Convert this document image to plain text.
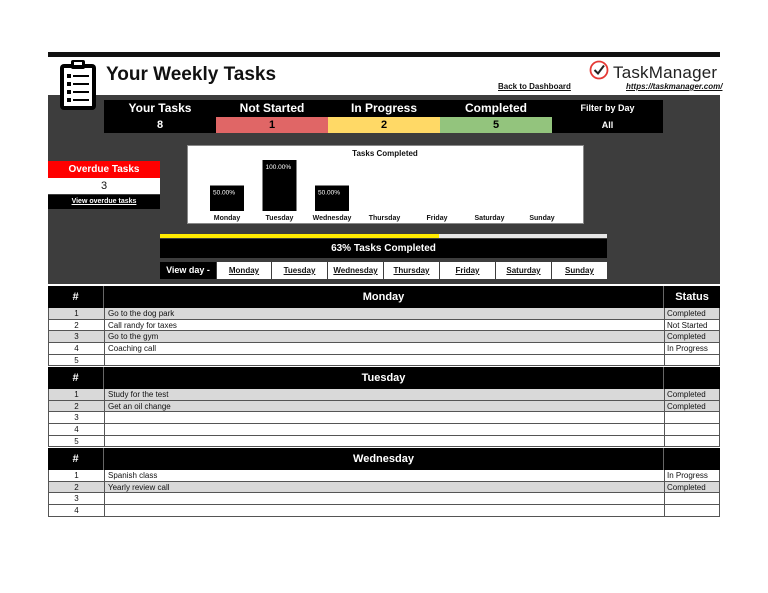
Your Weekly Tasks
Back to Dashboard
TaskManager
https://taskmanager.com/
Your Tasks
8
Not Started
1
In Progress
2
Completed
5
Filter by Day
All
Overdue Tasks
3
View overdue tasks
Tasks Completed
50.00%
Monday
100.00%
Tuesday
50.00%
Wednesday Thursday	Friday	Saturday	Sunday
63% Tasks Completed
View day -	Monday	Tuesday	Wednesday	Thursday	Friday	Saturday	Sunday
#	Monday	Status
1	Go to the dog park	Completed
2	Call randy for taxes	Not Started
3	Go to the gym	Completed
4	Coaching call	In Progress
5
#	Tuesday
1	Study for the test	Completed
2	Get an oil change	Completed
3
4
5
#	Wednesday
1	Spanish class	In Progress
2	Yearly review call	Completed
3
4
